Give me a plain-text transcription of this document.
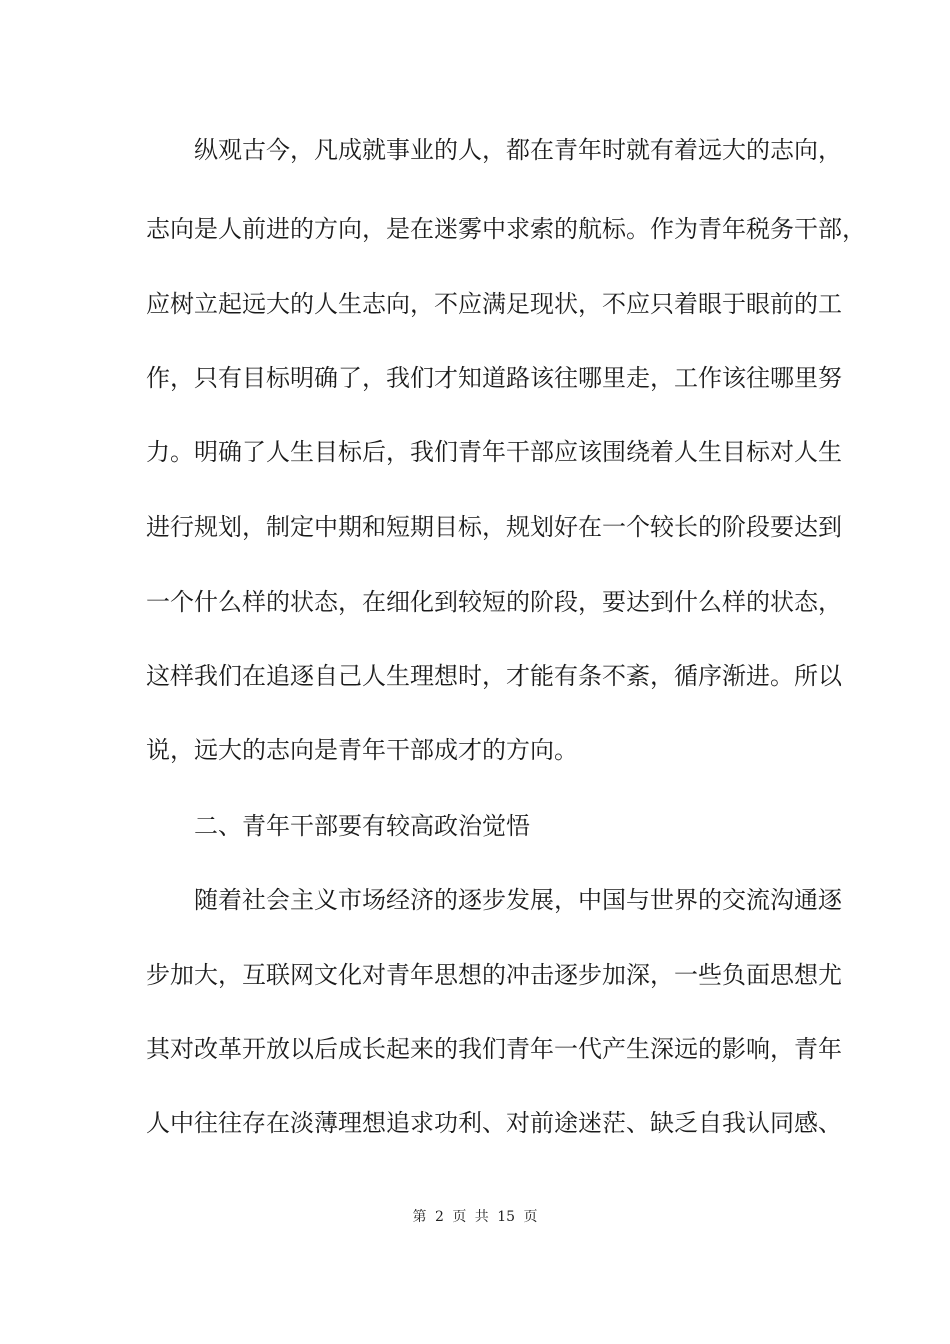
纵观古今，凡成就事业的人，都在青年时就有着远大的志向，
志向是人前进的方向，是在迷雾中求索的航标。作为青年税务干部，
应树立起远大的人生志向，不应满足现状，不应只着眼于眼前的工
作，只有目标明确了，我们才知道路该往哪里走，工作该往哪里努
力。明确了人生目标后，我们青年干部应该围绕着人生目标对人生
进行规划，制定中期和短期目标，规划好在一个较长的阶段要达到
一个什么样的状态，在细化到较短的阶段，要达到什么样的状态，
这样我们在追逐自己人生理想时，才能有条不紊，循序渐进。所以
说，远大的志向是青年干部成才的方向。
二、青年干部要有较高政治觉悟
随着社会主义市场经济的逐步发展，中国与世界的交流沟通逐
步加大，互联网文化对青年思想的冲击逐步加深，一些负面思想尤
其对改革开放以后成长起来的我们青年一代产生深远的影响，青年
人中往往存在淡薄理想追求功利、对前途迷茫、缺乏自我认同感、
第 2 页 共 15 页
